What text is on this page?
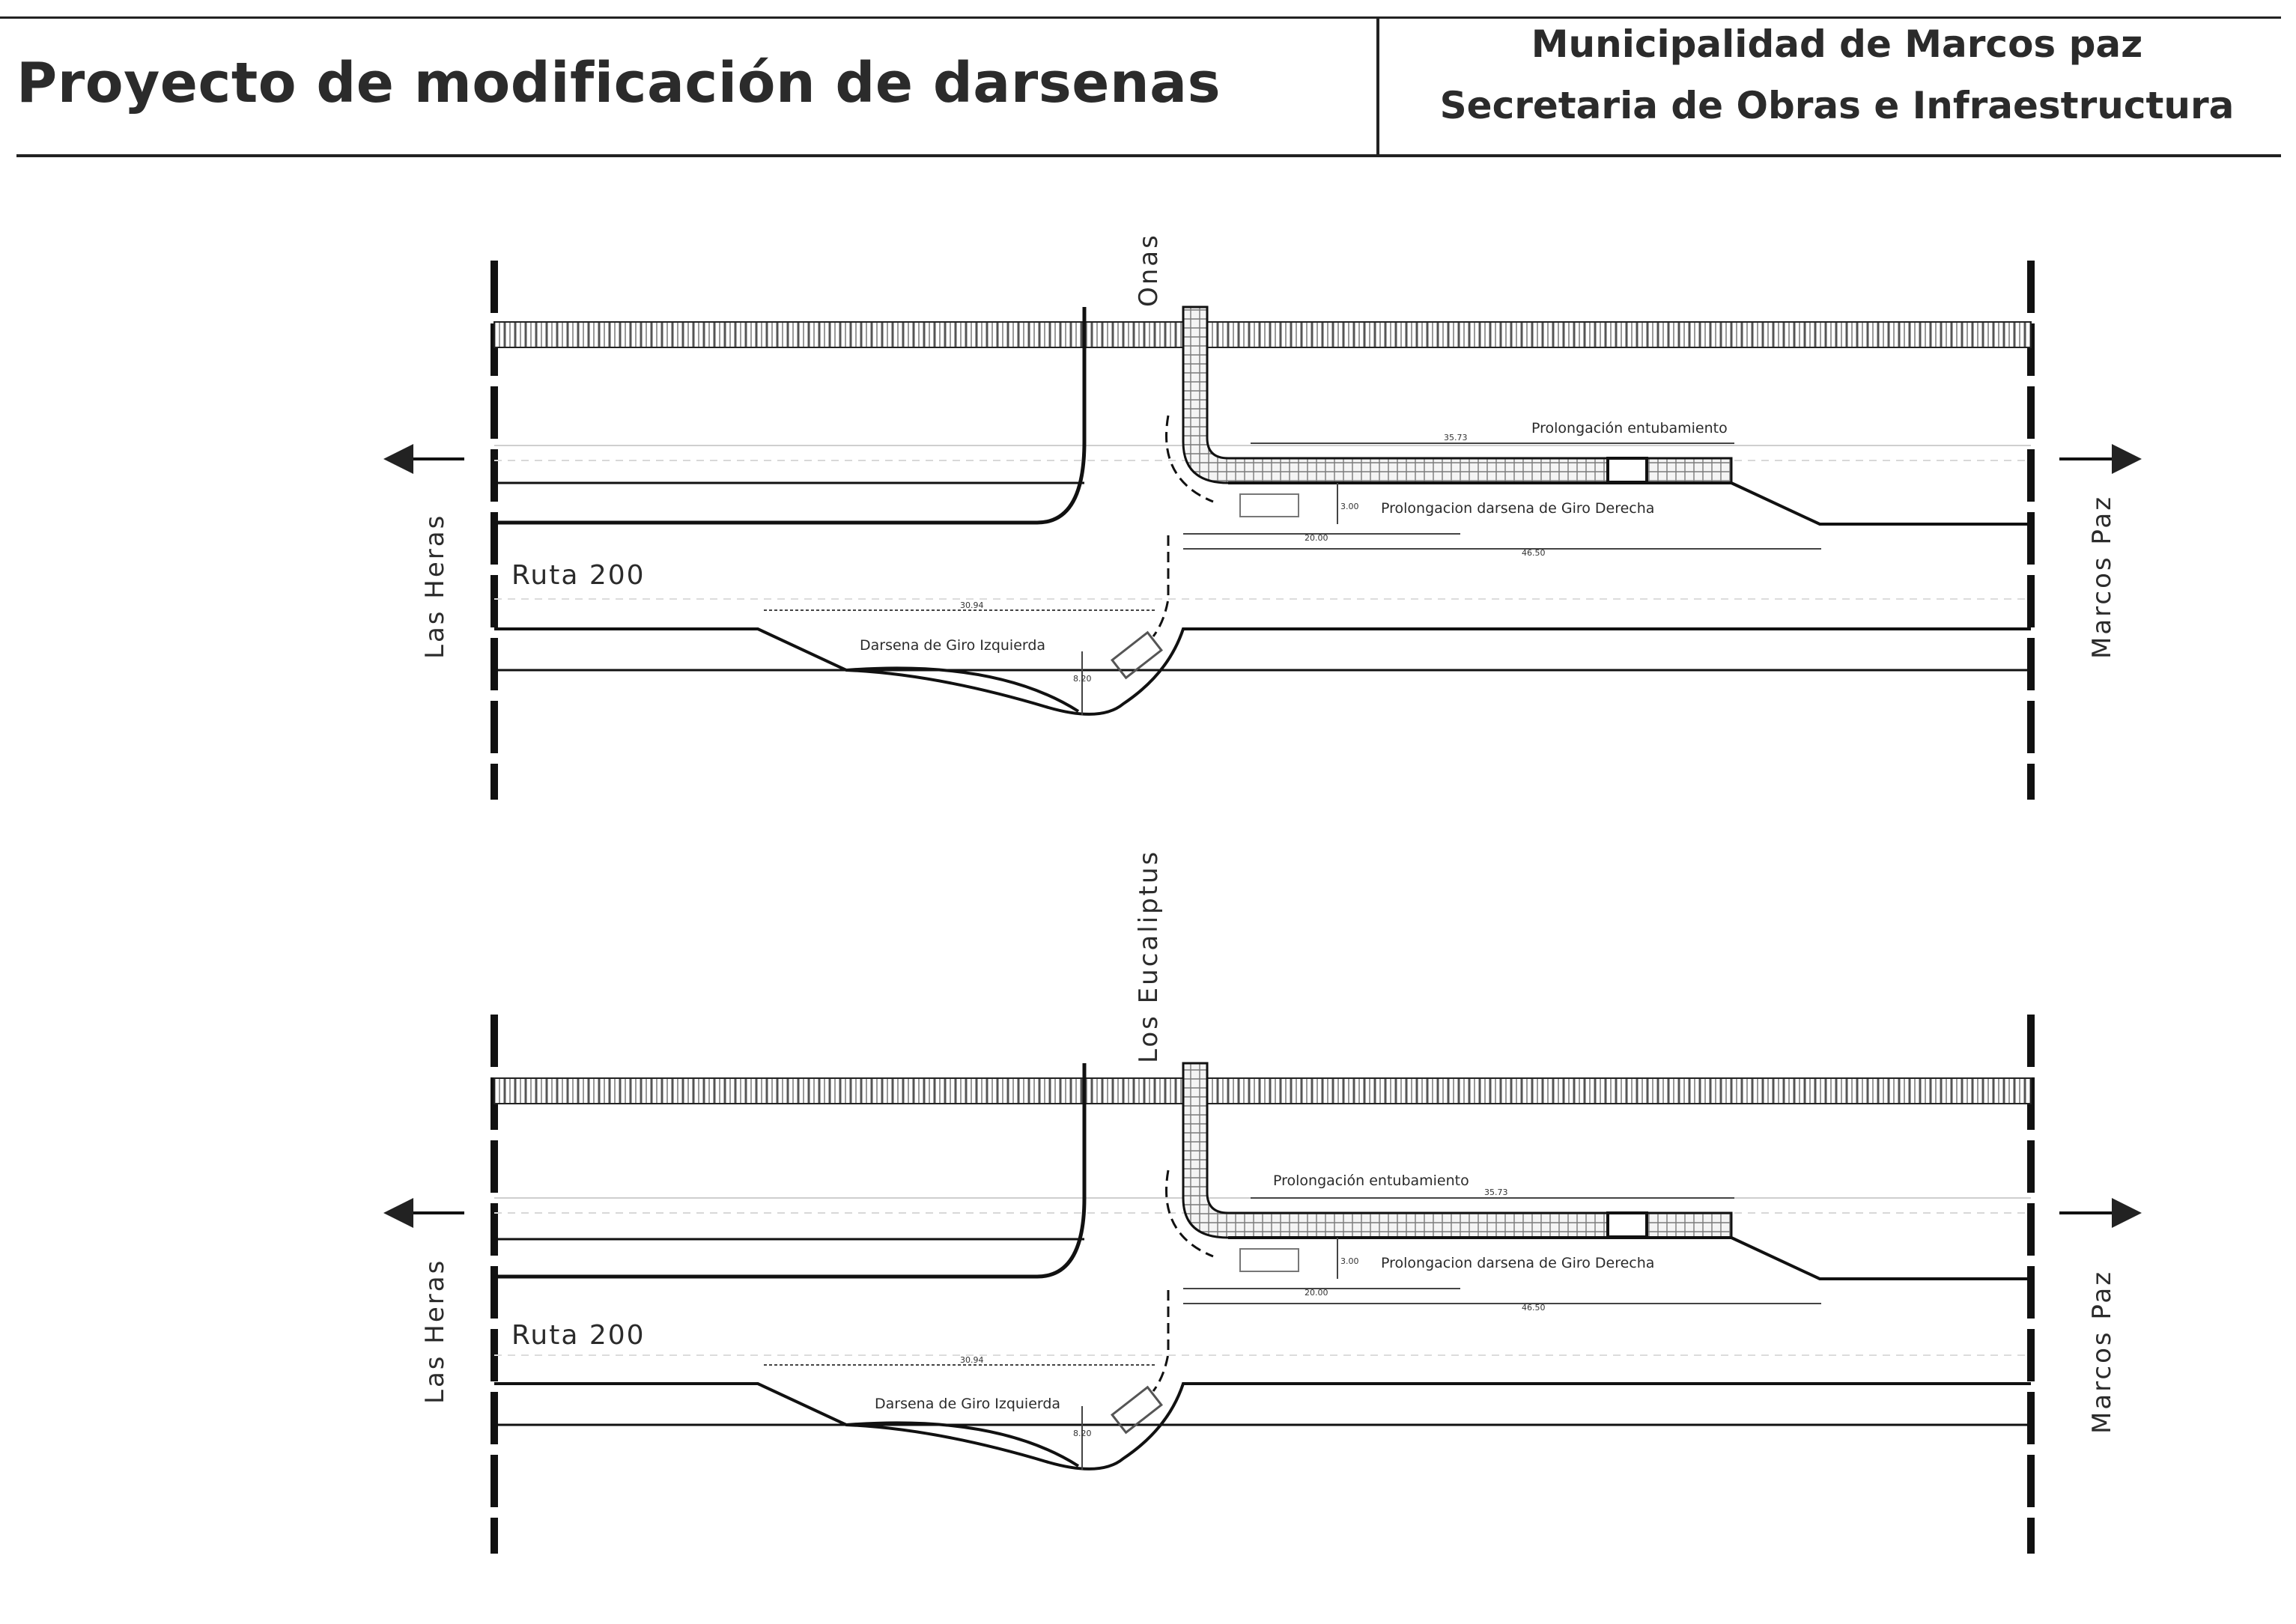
Proyecto de modificación de darsenas
Municipalidad de Marcos paz
Secretaria de Obras e Infraestructura
Onas
Las Heras	Marcos Paz
Ruta 200
Prolongación entubamiento
Prolongacion darsena de Giro Derecha
Darsena de Giro Izquierda
35.73
20.00
46.50
30.94
3.00
8.20
Los Eucaliptus
Las Heras	Marcos Paz
Ruta 200
Prolongación entubamiento
Prolongacion darsena de Giro Derecha
Darsena de Giro Izquierda
35.73
20.00
46.50
30.94
3.00
8.20
